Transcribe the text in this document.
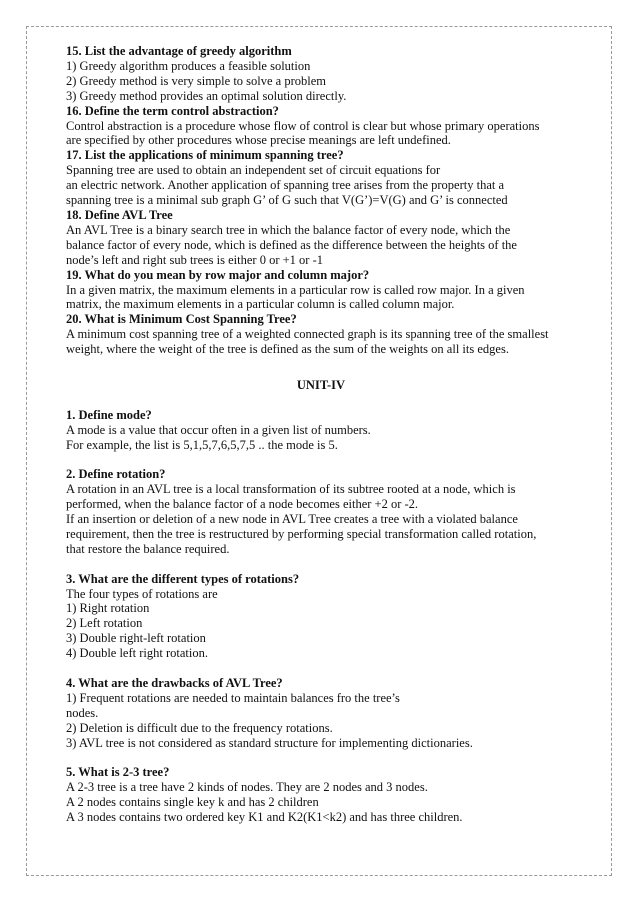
15. List the advantage of greedy algorithm
1) Greedy algorithm produces a feasible solution
2) Greedy method is very simple to solve a problem
3) Greedy method provides an optimal solution directly.
16. Define the term control abstraction?
Control abstraction is a procedure whose flow of control is clear but whose primary operations
are specified by other procedures whose precise meanings are left undefined.
17. List the applications of minimum spanning tree?
Spanning tree are used to obtain an independent set of circuit equations for
an electric network. Another application of spanning tree arises from the property that a
spanning tree is a minimal sub graph G’ of G such that V(G’)=V(G) and G’ is connected
18. Define AVL Tree
An AVL Tree is a binary search tree in which the balance factor of every node, which the
balance factor of every node, which is defined as the difference between the heights of the
node’s left and right sub trees is either 0 or +1 or -1
19. What do you mean by row major and column major?
In a given matrix, the maximum elements in a particular row is called row major. In a given
matrix, the maximum elements in a particular column is called column major.
20. What is Minimum Cost Spanning Tree?
A minimum cost spanning tree of a weighted connected graph is its spanning tree of the smallest
weight, where the weight of the tree is defined as the sum of the weights on all its edges.
UNIT-IV
1. Define mode?
A mode is a value that occur often in a given list of numbers.
For example, the list is 5,1,5,7,6,5,7,5 .. the mode is 5.
2. Define rotation?
A rotation in an AVL tree is a local transformation of its subtree rooted at a node, which is
performed, when the balance factor of a node becomes either +2 or -2.
If an insertion or deletion of a new node in AVL Tree creates a tree with a violated balance
requirement, then the tree is restructured by performing special transformation called rotation,
that restore the balance required.
3. What are the different types of rotations?
The four types of rotations are
1) Right rotation
2) Left rotation
3) Double right-left rotation
4) Double left right rotation.
4. What are the drawbacks of AVL Tree?
1) Frequent rotations are needed to maintain balances fro the tree’s
nodes.
2) Deletion is difficult due to the frequency rotations.
3) AVL tree is not considered as standard structure for implementing dictionaries.
5. What is 2-3 tree?
A 2-3 tree is a tree have 2 kinds of nodes. They are 2 nodes and 3 nodes.
A 2 nodes contains single key k and has 2 children
A 3 nodes contains two ordered key K1 and K2(K1<k2) and has three children.
